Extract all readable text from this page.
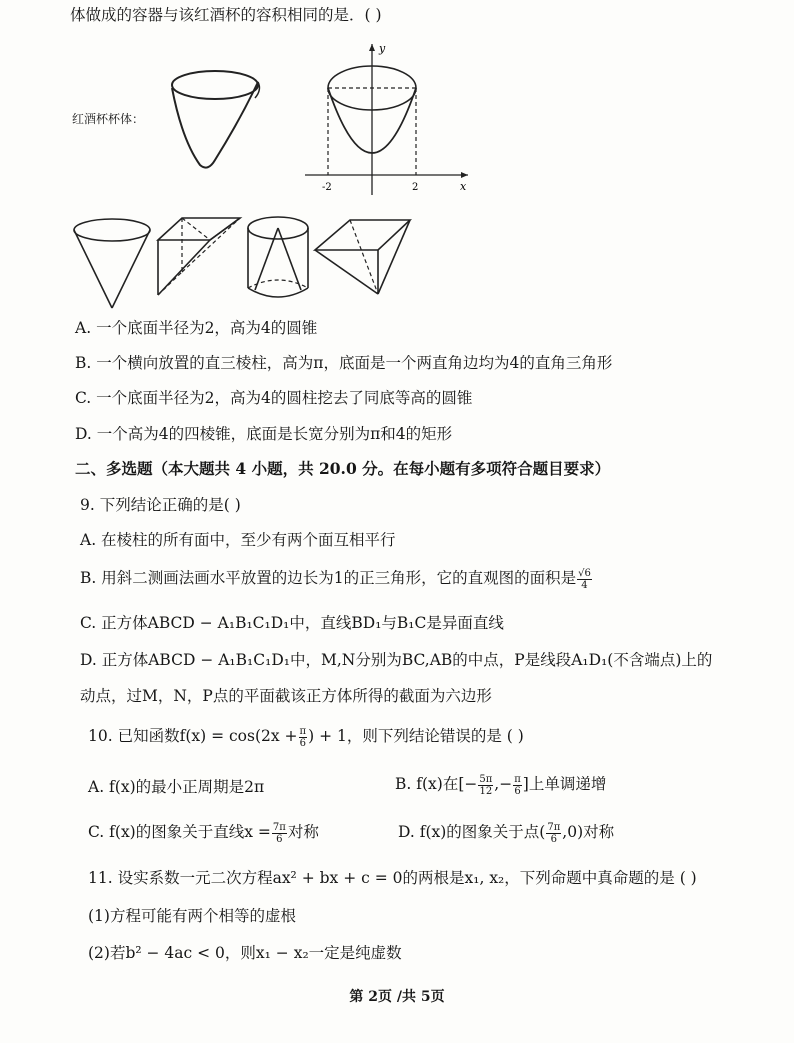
体做成的容器与该红酒杯的容积相同的是．( )
红酒杯杯体：
y
x
-2	2
A. 一个底面半径为2，高为4的圆锥
B. 一个横向放置的直三棱柱，高为π，底面是一个两直角边均为4的直角三角形
C. 一个底面半径为2，高为4的圆柱挖去了同底等高的圆锥
D. 一个高为4的四棱锥，底面是长宽分别为π和4的矩形
二、多选题（本大题共 4 小题，共 20.0 分。在每小题有多项符合题目要求）
9. 下列结论正确的是( )
A. 在棱柱的所有面中，至少有两个面互相平行
B. 用斜二测画法画水平放置的边长为1的正三角形，它的直观图的面积是 $\frac{√6}{4}$
C. 正方体ABCD − A₁B₁C₁D₁中，直线BD₁与B₁C是异面直线
D. 正方体ABCD − A₁B₁C₁D₁中，M,N分别为BC,AB的中点，P是线段A₁D₁(不含端点)上的
动点，过M，N，P点的平面截该正方体所得的截面为六边形
10. 已知函数$f(x) = \cos(2x + \frac{\pi}{6}$ ) + 1，则下列结论错误的是 ( )
A. f(x)的最小正周期是2π	B. f(x)在[− $\frac{5\pi}{12}$ ,− $\frac{\pi}{6}$ ]上单调递增
C. f(x)的图象关于直线$x = \frac{7\pi}{6}$ 对称	D. f(x)的图象关于点( $\frac{7\pi}{6} ,0$)对称
11. 设实系数一元二次方程ax² + bx + c = 0的两根是x₁, x₂，下列命题中真命题的是 ( )
(1)方程可能有两个相等的虚根
(2)若b² − 4ac < 0，则x₁ − x₂一定是纯虚数
第 2页 /共 5页
